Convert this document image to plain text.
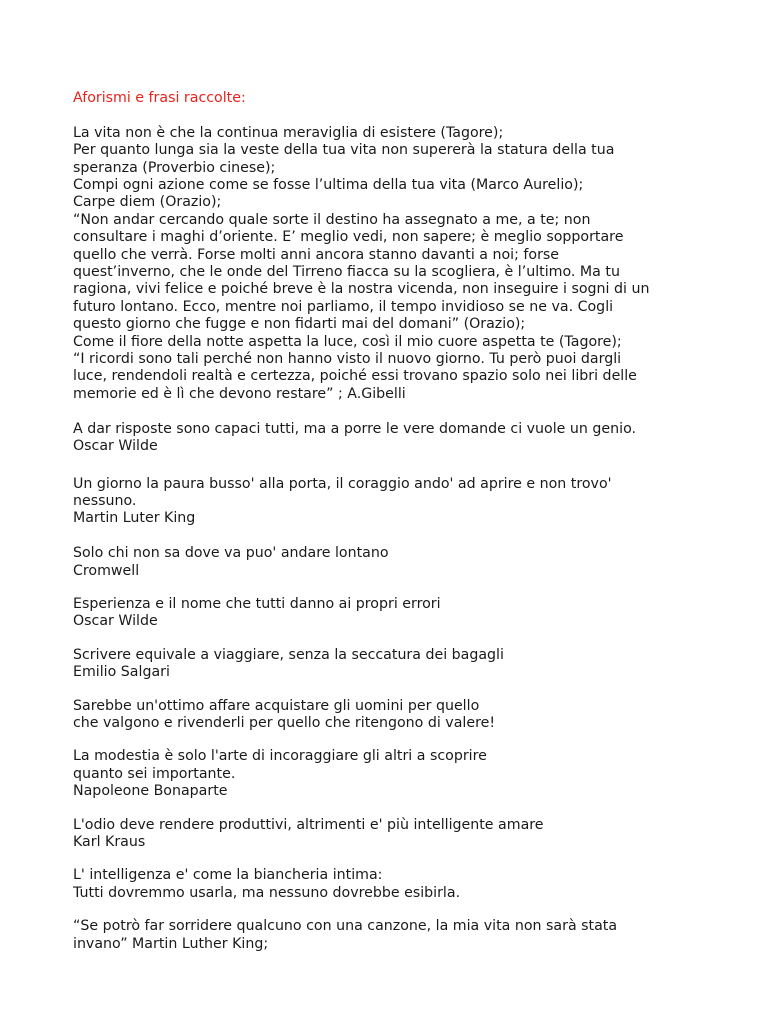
Aforismi e frasi raccolte:
La vita non è che la continua meraviglia di esistere (Tagore);
Per quanto lunga sia la veste della tua vita non supererà la statura della tua
speranza (Proverbio cinese);
Compi ogni azione come se fosse l’ultima della tua vita (Marco Aurelio);
Carpe diem (Orazio);
“Non andar cercando quale sorte il destino ha assegnato a me, a te; non
consultare i maghi d’oriente. E’ meglio vedi, non sapere; è meglio sopportare
quello che verrà. Forse molti anni ancora stanno davanti a noi; forse
quest’inverno, che le onde del Tirreno fiacca su la scogliera, è l’ultimo. Ma tu
ragiona, vivi felice e poiché breve è la nostra vicenda, non inseguire i sogni di un
futuro lontano. Ecco, mentre noi parliamo, il tempo invidioso se ne va. Cogli
questo giorno che fugge e non fidarti mai del domani” (Orazio);
Come il fiore della notte aspetta la luce, così il mio cuore aspetta te (Tagore);
“I ricordi sono tali perché non hanno visto il nuovo giorno. Tu però puoi dargli
luce, rendendoli realtà e certezza, poiché essi trovano spazio solo nei libri delle
memorie ed è lì che devono restare” ; A.Gibelli
A dar risposte sono capaci tutti, ma a porre le vere domande ci vuole un genio.
Oscar Wilde
Un giorno la paura busso' alla porta, il coraggio ando' ad aprire e non trovo'
nessuno.
Martin Luter King
Solo chi non sa dove va puo' andare lontano
Cromwell
Esperienza e il nome che tutti danno ai propri errori
Oscar Wilde
Scrivere equivale a viaggiare, senza la seccatura dei bagagli
Emilio Salgari
Sarebbe un'ottimo affare acquistare gli uomini per quello
che valgono e rivenderli per quello che ritengono di valere!
La modestia è solo l'arte di incoraggiare gli altri a scoprire
quanto sei importante.
Napoleone Bonaparte
L'odio deve rendere produttivi, altrimenti e' più intelligente amare
Karl Kraus
L' intelligenza e' come la biancheria intima:
Tutti dovremmo usarla, ma nessuno dovrebbe esibirla.
“Se potrò far sorridere qualcuno con una canzone, la mia vita non sarà stata
invano” Martin Luther King;
